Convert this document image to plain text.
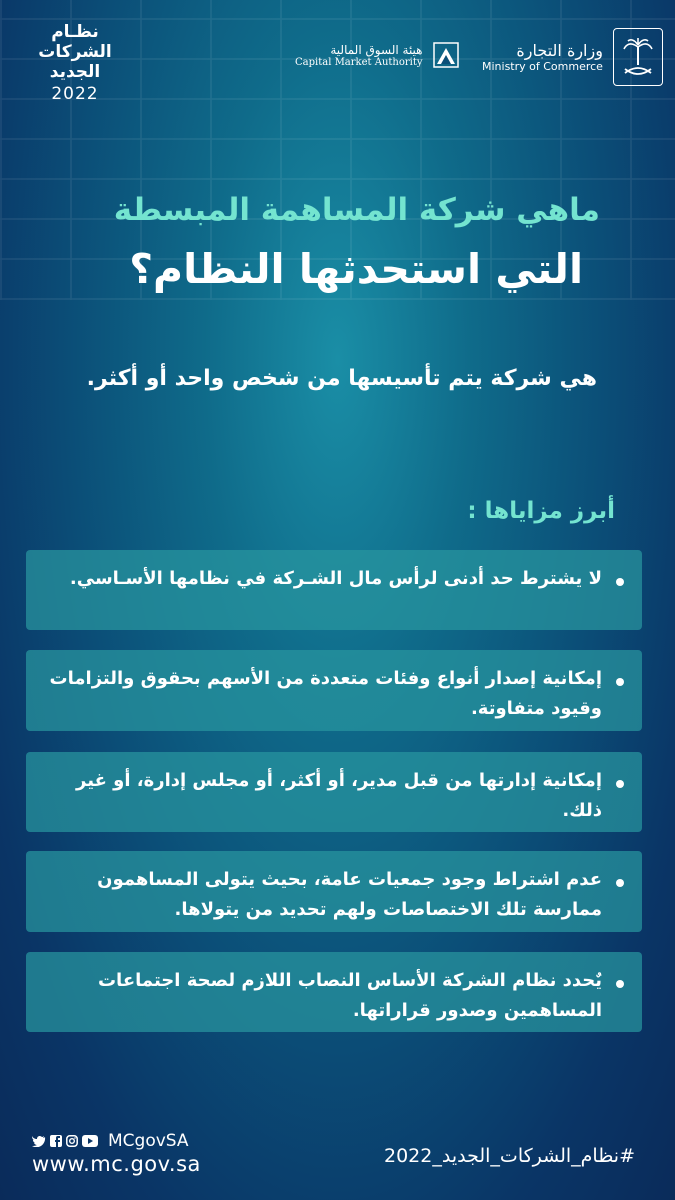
نظـام
الشركات
الجديد
2022
هيئة السوق المالية
Capital Market Authority
وزارة التجارة
Ministry of Commerce
ماهي شركة المساهمة المبسطة
التي استحدثها النظام؟
هي شركة يتم تأسيسها من شخص واحد أو أكثر.
أبرز مزاياها :
لا يشترط حد أدنى لرأس مال الشـركة في نظامها الأسـاسي.
إمكانية إصدار أنواع وفئات متعددة من الأسهم بحقوق والتزامات وقيود متفاوتة.
إمكانية إدارتها من قبل مدير، أو أكثر، أو مجلس إدارة، أو غير ذلك.
عدم اشتراط وجود جمعيات عامة، بحيث يتولى المساهمون ممارسة تلك الاختصاصات ولهم تحديد من يتولاها.
يٌحدد نظام الشركة الأساس النصاب اللازم لصحة اجتماعات المساهمين وصدور قراراتها.
MCgovSA
www.mc.gov.sa	#نظام_الشركات_الجديد_2022
